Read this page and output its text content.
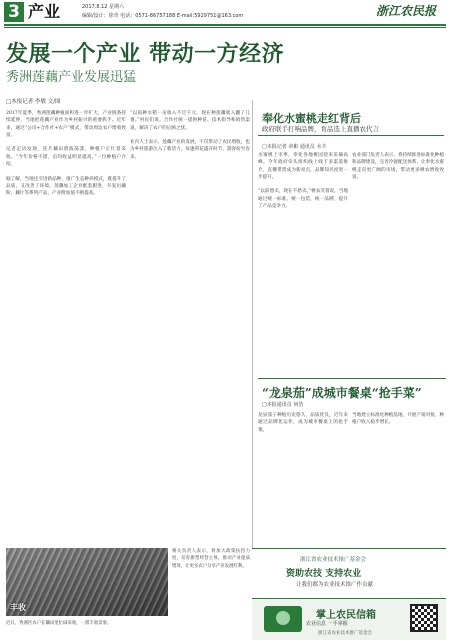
3 产业	2017.8.12 星期六
编辑/设计：徐青 电话：0571-86757188 E-mail:5929751@163.com	浙江农民报
发展一个产业 带动一方经济
秀洲莲藕产业发展迅猛
□本报记者 李敏 文/图
2017年夏季，秀洲莲藕种植面积进一步扩大，产业链条持续延伸，当地把莲藕产业作为乡村振兴的重要抓手。近年来，通过“公司+合作社+农户”模式，带动周边农户增收致富。

记者走访发现，连片藕田碧波荡漾，种植户正忙着采收。“今年价格不错，亩均收益明显提高。”一位种植户介绍。

据了解，当地还引进新品种，推广生态种养模式，既提升了品质，又改善了环境。莲藕加工企业配套跟进，开发出藕粉、藕片等系列产品，产业附加值不断提高。
“以前种水稻一亩收入不过千元，现在种莲藕收入翻了几番。”村民们说。合作社统一提供种苗、技术指导和销售渠道，解决了农户的后顾之忧。

业内人士表示，莲藕产业的发展，不仅带动了农民增收，也为乡村旅游注入了新活力。每逢荷花盛开时节，游客纷至沓来。
丰收
相关负责人表示，将加大政策扶持力度，培育新型经营主体，推动产业提质增效，让更多农户分享产业发展红利。
近日，秀洲区农户在藕田里忙碌采收，一派丰收景象。
奉化水蜜桃走红背后
政府联手打响品牌，育品选上直播农代言
□本报记者 章彬 通讯员 水丰
水蜜桃上市季，奉化各地桃园迎来采摘高峰。今年政府牵头组织线上线下多渠道推介，直播带货成为新亮点，品牌知名度进一步提升。

“以前愁卖，现在不愁卖。”桃农笑着说。当地通过统一标准、统一包装、统一品牌，提升了产品竞争力。
农业部门负责人表示，将持续推进标准化种植和品牌建设，完善冷链配送体系，让奉化水蜜桃走向更广阔的市场，带动更多桃农增收致富。
“龙泉茄”成城市餐桌“抢手菜”
□本报通讯员 何浩
龙泉茄子种植历史悠久，品质优良，近年来通过品牌化运作，成为城市餐桌上的抢手菜。
当地建立标准化种植基地，开展产销对接，种植户收入稳步增长。
浙江省农业技术推广基金会
资助农技 支持农业
让我们都为农业技术推广作贡献
掌上农民信箱
农业信息 一手掌握
浙江省农业技术推广基金会
